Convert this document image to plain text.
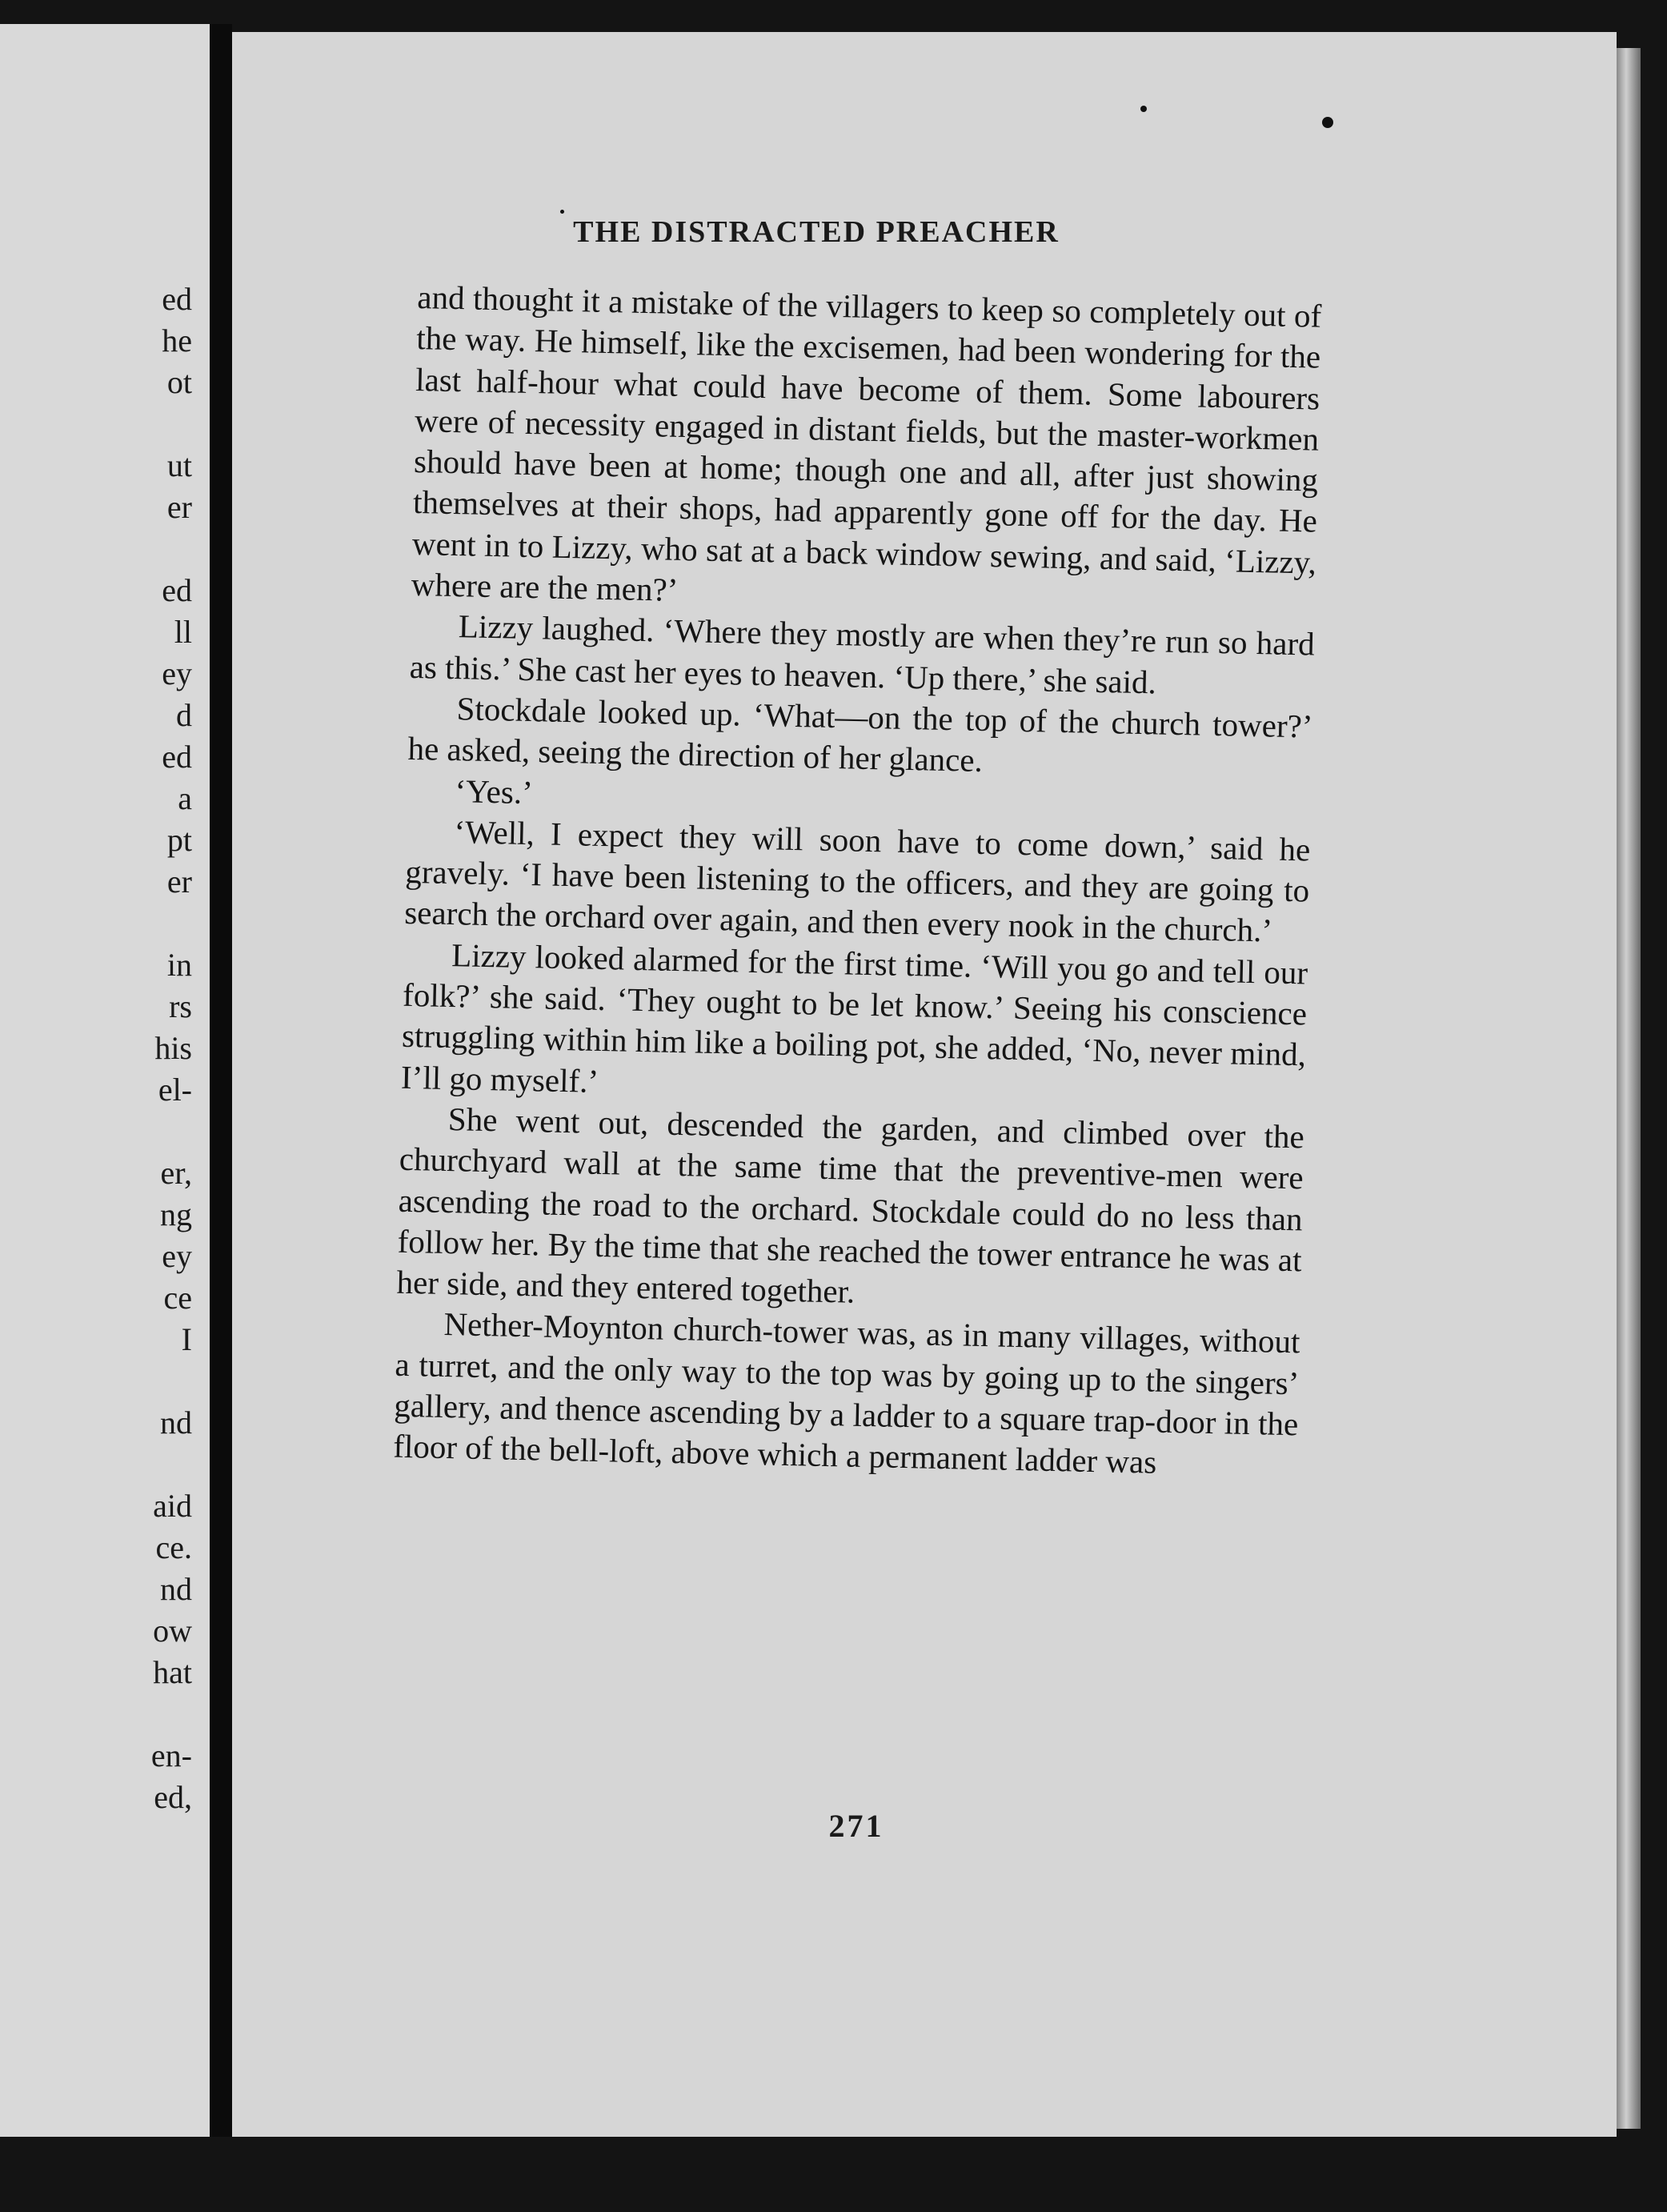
ed
he
ot
ut
er
ed
ll
ey
d
ed
a
pt
er
in
rs
his
el-
er,
ng
ey
ce
I
nd
aid
ce.
nd
ow
hat
en-
ed,
THE DISTRACTED PREACHER

and thought it a mistake of the villagers to keep so completely out of the way. He himself, like the excisemen, had been wondering for the last half-hour what could have become of them. Some labourers were of necessity engaged in distant fields, but the master-workmen should have been at home; though one and all, after just showing themselves at their shops, had apparently gone off for the day. He went in to Lizzy, who sat at a back window sewing, and said, ‘Lizzy, where are the men?’

Lizzy laughed. ‘Where they mostly are when they’re run so hard as this.’ She cast her eyes to heaven. ‘Up there,’ she said.

Stockdale looked up. ‘What—on the top of the church tower?’ he asked, seeing the direction of her glance.

‘Yes.’

‘Well, I expect they will soon have to come down,’ said he gravely. ‘I have been listening to the officers, and they are going to search the orchard over again, and then every nook in the church.’

Lizzy looked alarmed for the first time. ‘Will you go and tell our folk?’ she said. ‘They ought to be let know.’ Seeing his conscience struggling within him like a boiling pot, she added, ‘No, never mind, I’ll go myself.’

She went out, descended the garden, and climbed over the churchyard wall at the same time that the preventive-men were ascending the road to the orchard. Stockdale could do no less than follow her. By the time that she reached the tower entrance he was at her side, and they entered together.

Nether-Moynton church-tower was, as in many villages, without a turret, and the only way to the top was by going up to the singers’ gallery, and thence ascending by a ladder to a square trap-door in the floor of the bell-loft, above which a permanent ladder was

271
